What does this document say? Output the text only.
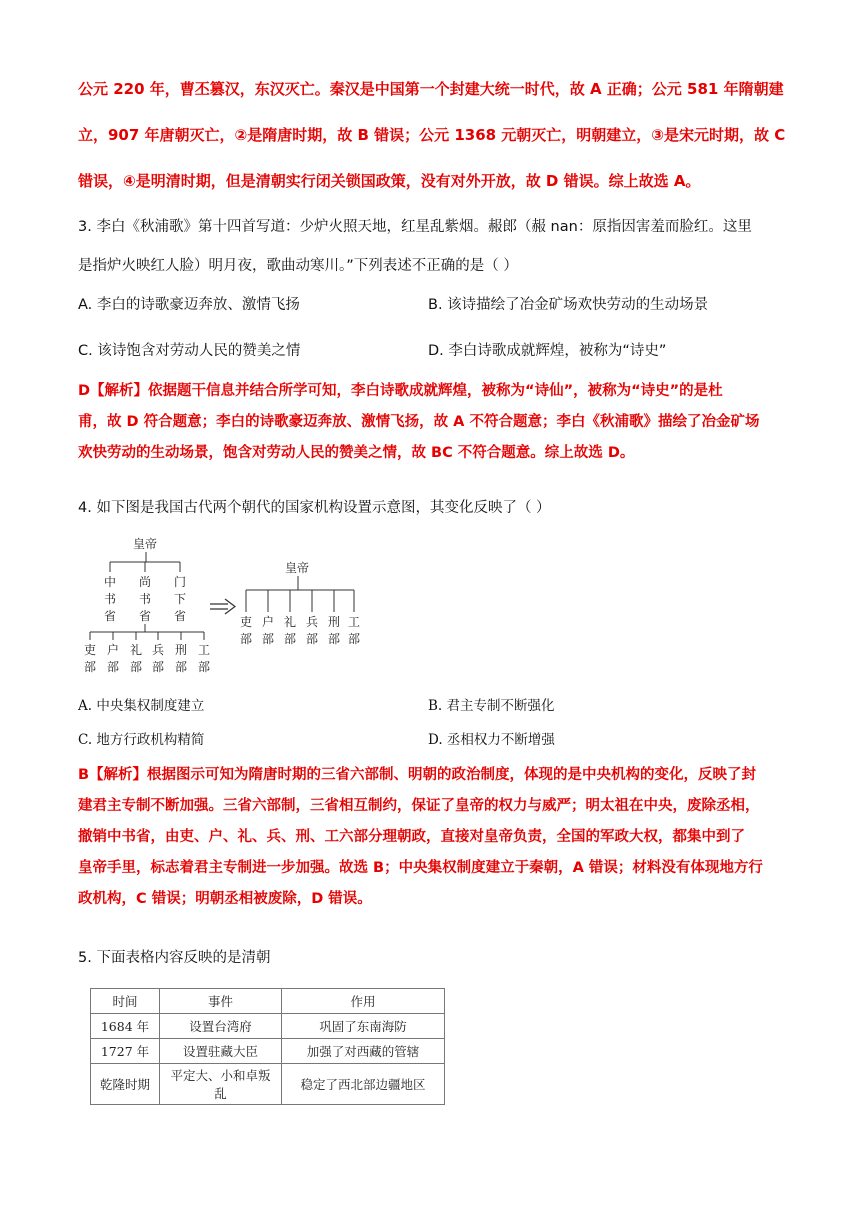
公元 220 年，曹丕篡汉，东汉灭亡。秦汉是中国第一个封建大统一时代，故 A 正确；公元 581 年隋朝建
立，907 年唐朝灭亡，②是隋唐时期，故 B 错误；公元 1368 元朝灭亡，明朝建立，③是宋元时期，故 C
错误，④是明清时期，但是清朝实行闭关锁国政策，没有对外开放，故 D 错误。综上故选 A。
3. 李白《秋浦歌》第十四首写道：少炉火照天地，红星乱紫烟。赧郎（赧 nan：原指因害羞而脸红。这里
是指炉火映红人脸）明月夜，歌曲动寒川。”下列表述不正确的是（ ）
A. 李白的诗歌豪迈奔放、激情飞扬	B. 该诗描绘了冶金矿场欢快劳动的生动场景
C. 该诗饱含对劳动人民的赞美之情	D. 李白诗歌成就辉煌，被称为“诗史”
D【解析】依据题干信息并结合所学可知，李白诗歌成就辉煌，被称为“诗仙”，被称为“诗史”的是杜
甫，故 D 符合题意；李白的诗歌豪迈奔放、激情飞扬，故 A 不符合题意；李白《秋浦歌》描绘了冶金矿场
欢快劳动的生动场景，饱含对劳动人民的赞美之情，故 BC 不符合题意。综上故选 D。
4. 如下图是我国古代两个朝代的国家机构设置示意图，其变化反映了（ ）
皇帝
中书省
尚书省
门下省
吏部
户部
礼部
兵部
刑部
工部
皇帝
吏部
户部
礼部
兵部
刑部
工部
A. 中央集权制度建立	B. 君主专制不断强化
C. 地方行政机构精简	D. 丞相权力不断增强
B【解析】根据图示可知为隋唐时期的三省六部制、明朝的政治制度，体现的是中央机构的变化，反映了封
建君主专制不断加强。三省六部制，三省相互制约，保证了皇帝的权力与威严；明太祖在中央，废除丞相，
撤销中书省，由吏、户、礼、兵、刑、工六部分理朝政，直接对皇帝负责，全国的军政大权，都集中到了
皇帝手里，标志着君主专制进一步加强。故选 B；中央集权制度建立于秦朝，A 错误；材料没有体现地方行
政机构，C 错误；明朝丞相被废除，D 错误。
5. 下面表格内容反映的是清朝
时间	事件	作用
1684 年	设置台湾府	巩固了东南海防
1727 年	设置驻藏大臣	加强了对西藏的管辖
乾隆时期	平定大、小和卓叛乱	稳定了西北部边疆地区
